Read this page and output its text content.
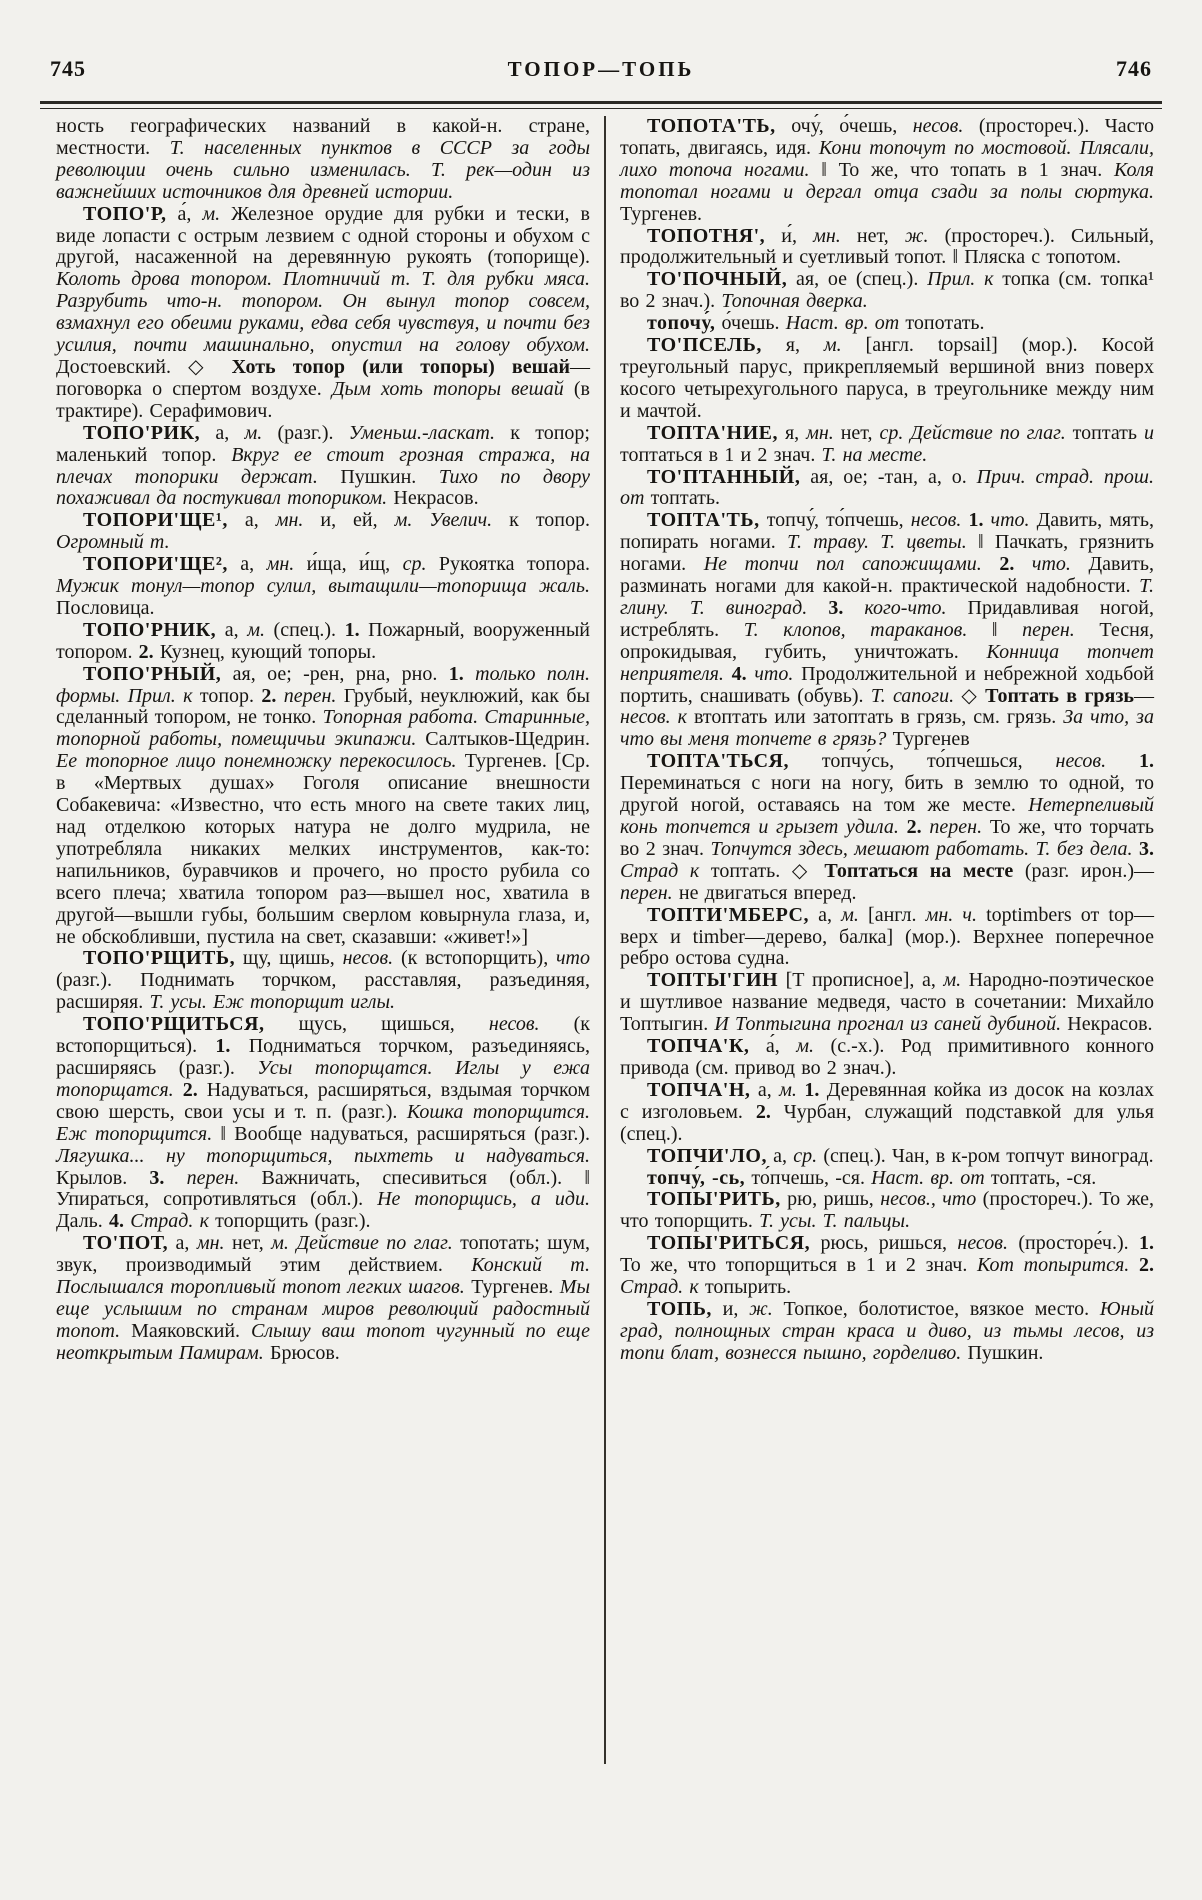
745	ТОПОР—ТОПЬ	746

ность географических названий в какой-н. стране, местности. Т. населенных пунктов в СССР за годы революции очень сильно изменилась. Т. рек—один из важнейших источников для древней истории.

ТОПО'Р, а́, м. Железное орудие для рубки и тески, в виде лопасти с острым лезвием с одной стороны и обухом с другой, насаженной на деревянную рукоять (топорище). Колоть дрова топором. Плотничий т. Т. для рубки мяса. Разрубить что-н. топором. Он вынул топор совсем, взмахнул его обеими руками, едва себя чувствуя, и почти без усилия, почти машинально, опустил на голову обухом. Достоевский. ◇ Хоть топор (или топоры) вешай—поговорка о спертом воздухе. Дым хоть топоры вешай (в трактире). Серафимович.

ТОПО'РИК, а, м. (разг.). Уменьш.-ласкат. к топор; маленький топор. Вкруг ее стоит грозная стража, на плечах топорики держат. Пушкин. Тихо по двору похаживал да постукивал топориком. Некрасов.

ТОПОРИ'ЩЕ¹, а, мн. и, ей, м. Увелич. к топор. Огромный т.

ТОПОРИ'ЩЕ², а, мн. и́ща, и́щ, ср. Рукоятка топора. Мужик тонул—топор сулил, вытащили—топорища жаль. Пословица.

ТОПО'РНИК, а, м. (спец.). 1. Пожарный, вооруженный топором. 2. Кузнец, кующий топоры.

ТОПО'РНЫЙ, ая, ое; -рен, рна, рно. 1. только полн. формы. Прил. к топор. 2. перен. Грубый, неуклюжий, как бы сделанный топором, не тонко. Топорная работа. Старинные, топорной работы, помещичьи экипажи. Салтыков-Щедрин. Ее топорное лицо понемножку перекосилось. Тургенев. [Ср. в «Мертвых душах» Гоголя описание внешности Собакевича: «Известно, что есть много на свете таких лиц, над отделкою которых натура не долго мудрила, не употребляла никаких мелких инструментов, как-то: напильников, буравчиков и прочего, но просто рубила со всего плеча; хватила топором раз—вышел нос, хватила в другой—вышли губы, большим сверлом ковырнула глаза, и, не обскобливши, пустила на свет, сказавши: «живет!»]

ТОПО'РЩИТЬ, щу, щишь, несов. (к встопорщить), что (разг.). Поднимать торчком, расставляя, разъединяя, расширяя. Т. усы. Еж топорщит иглы.

ТОПО'РЩИТЬСЯ, щусь, щишься, несов. (к встопорщиться). 1. Подниматься торчком, разъединяясь, расширяясь (разг.). Усы топорщатся. Иглы у ежа топорщатся. 2. Надуваться, расширяться, вздымая торчком свою шерсть, свои усы и т. п. (разг.). Кошка топорщится. Еж топорщится. ‖ Вообще надуваться, расширяться (разг.). Лягушка... ну топорщиться, пыхтеть и надуваться. Крылов. 3. перен. Важничать, спесивиться (обл.). ‖ Упираться, сопротивляться (обл.). Не топорщись, а иди. Даль. 4. Страд. к топорщить (разг.).

ТО'ПОТ, а, мн. нет, м. Действие по глаг. топотать; шум, звук, производимый этим действием. Конский т. Послышался торопливый топот легких шагов. Тургенев. Мы еще услышим по странам миров революций радостный топот. Маяковский. Слышу ваш топот чугунный по еще неоткрытым Памирам. Брюсов.

ТОПОТА'ТЬ, очу́, о́чешь, несов. (простореч.). Часто топать, двигаясь, идя. Кони топочут по мостовой. Плясали, лихо топоча ногами. ‖ То же, что топать в 1 знач. Коля топотал ногами и дергал отца сзади за полы сюртука. Тургенев.

ТОПОТНЯ', и́, мн. нет, ж. (простореч.). Сильный, продолжительный и суетливый топот. ‖ Пляска с топотом.

ТО'ПОЧНЫЙ, ая, ое (спец.). Прил. к топка (см. топка¹ во 2 знач.). Топочная дверка.

топочу́, о́чешь. Наст. вр. от топотать.

ТО'ПСЕЛЬ, я, м. [англ. topsail] (мор.). Косой треугольный парус, прикрепляемый вершиной вниз поверх косого четырехугольного паруса, в треугольнике между ним и мачтой.

ТОПТА'НИЕ, я, мн. нет, ср. Действие по глаг. топтать и топтаться в 1 и 2 знач. Т. на месте.

ТО'ПТАННЫЙ, ая, ое; -тан, а, о. Прич. страд. прош. от топтать.

ТОПТА'ТЬ, топчу́, то́пчешь, несов. 1. что. Давить, мять, попирать ногами. Т. траву. Т. цветы. ‖ Пачкать, грязнить ногами. Не топчи пол сапожищами. 2. что. Давить, разминать ногами для какой-н. практической надобности. Т. глину. Т. виноград. 3. кого-что. Придавливая ногой, истреблять. Т. клопов, тараканов. ‖ перен. Тесня, опрокидывая, губить, уничтожать. Конница топчет неприятеля. 4. что. Продолжительной и небрежной ходьбой портить, снашивать (обувь). Т. сапоги. ◇ Топтать в грязь—несов. к втоптать или затоптать в грязь, см. грязь. За что, за что вы меня топчете в грязь? Тургенев

ТОПТА'ТЬСЯ, топчу́сь, то́пчешься, несов. 1. Переминаться с ноги на ногу, бить в землю то одной, то другой ногой, оставаясь на том же месте. Нетерпеливый конь топчется и грызет удила. 2. перен. То же, что торчать во 2 знач. Топчутся здесь, мешают работать. Т. без дела. 3. Страд к топтать. ◇ Топтаться на месте (разг. ирон.)—перен. не двигаться вперед.

ТОПТИ'МБЕРС, а, м. [англ. мн. ч. toptimbers от top—верх и timber—дерево, балка] (мор.). Верхнее поперечное ребро остова судна.

ТОПТЫ'ГИН [Т прописное], а, м. Народно-поэтическое и шутливое название медведя, часто в сочетании: Михайло Топтыгин. И Топтыгина прогнал из саней дубиной. Некрасов.

ТОПЧА'К, а́, м. (с.-х.). Род примитивного конного привода (см. привод во 2 знач.).

ТОПЧА'Н, а, м. 1. Деревянная койка из досок на козлах с изголовьем. 2. Чурбан, служащий подставкой для улья (спец.).

ТОПЧИ'ЛО, а, ср. (спец.). Чан, в к-ром топчут виноград.

топчу́, -сь, то́пчешь, -ся. Наст. вр. от топтать, -ся.

ТОПЫ'РИТЬ, рю, ришь, несов., что (простореч.). То же, что топорщить. Т. усы. Т. пальцы.

ТОПЫ'РИТЬСЯ, рюсь, ришься, несов. (просторе́ч.). 1. То же, что топорщиться в 1 и 2 знач. Кот топырится. 2. Страд. к топырить.

ТОПЬ, и, ж. Топкое, болотистое, вязкое место. Юный град, полнощных стран краса и диво, из тьмы лесов, из топи блат, вознесся пышно, горделиво. Пушкин.
